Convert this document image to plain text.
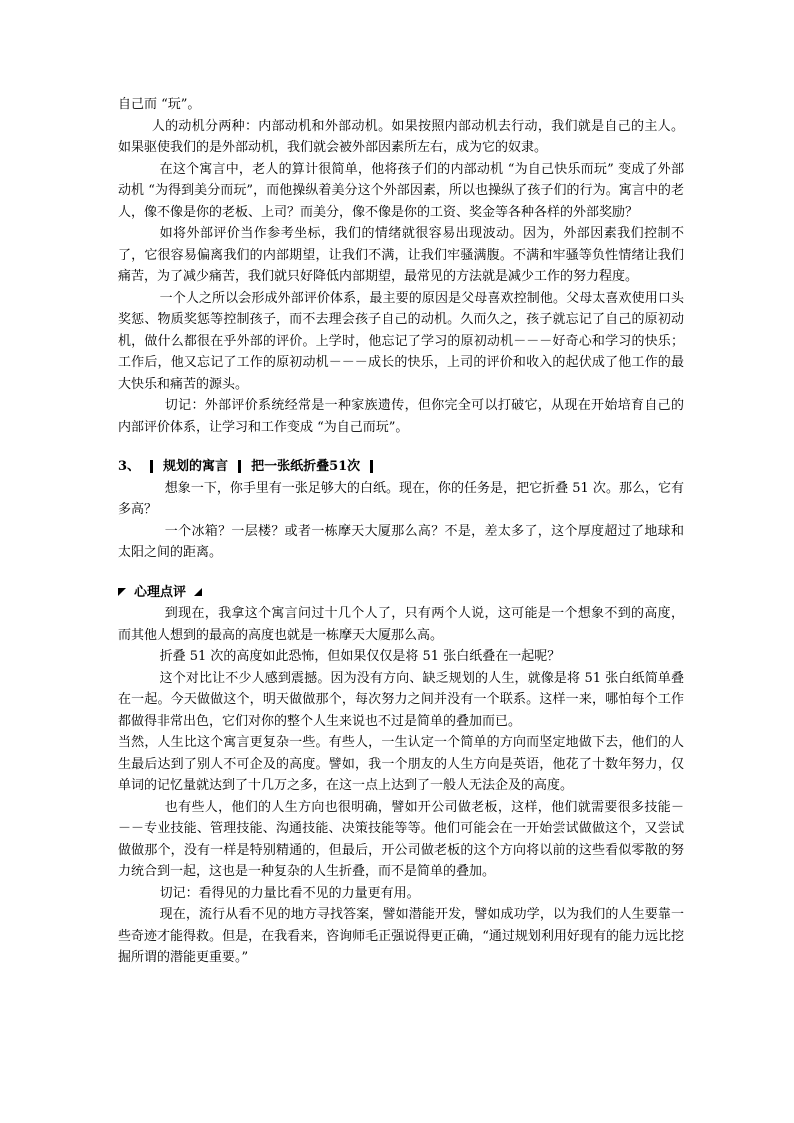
自己而 “玩”。

人的动机分两种：内部动机和外部动机。如果按照内部动机去行动，我们就是自己的主人。如果驱使我们的是外部动机，我们就会被外部因素所左右，成为它的奴隶。

在这个寓言中，老人的算计很简单，他将孩子们的内部动机 “为自己快乐而玩” 变成了外部动机 “为得到美分而玩”，而他操纵着美分这个外部因素，所以也操纵了孩子们的行为。寓言中的老人，像不像是你的老板、上司？而美分，像不像是你的工资、奖金等各种各样的外部奖励？

如将外部评价当作参考坐标，我们的情绪就很容易出现波动。因为，外部因素我们控制不了，它很容易偏离我们的内部期望，让我们不满，让我们牢骚满腹。不满和牢骚等负性情绪让我们痛苦，为了减少痛苦，我们就只好降低内部期望，最常见的方法就是减少工作的努力程度。

一个人之所以会形成外部评价体系，最主要的原因是父母喜欢控制他。父母太喜欢使用口头奖惩、物质奖惩等控制孩子，而不去理会孩子自己的动机。久而久之，孩子就忘记了自己的原初动机，做什么都很在乎外部的评价。上学时，他忘记了学习的原初动机－－－好奇心和学习的快乐；工作后，他又忘记了工作的原初动机－－－成长的快乐，上司的评价和收入的起伏成了他工作的最大快乐和痛苦的源头。

切记：外部评价系统经常是一种家族遗传，但你完全可以打破它，从现在开始培育自己的内部评价体系，让学习和工作变成 “为自己而玩”。

3、 规划的寓言 把一张纸折叠51次

想象一下，你手里有一张足够大的白纸。现在，你的任务是，把它折叠 51 次。那么，它有多高？

一个冰箱？一层楼？或者一栋摩天大厦那么高？不是，差太多了，这个厚度超过了地球和太阳之间的距离。

心理点评

到现在，我拿这个寓言问过十几个人了，只有两个人说，这可能是一个想象不到的高度，而其他人想到的最高的高度也就是一栋摩天大厦那么高。

折叠 51 次的高度如此恐怖，但如果仅仅是将 51 张白纸叠在一起呢？

这个对比让不少人感到震撼。因为没有方向、缺乏规划的人生，就像是将 51 张白纸简单叠在一起。今天做做这个，明天做做那个，每次努力之间并没有一个联系。这样一来，哪怕每个工作都做得非常出色，它们对你的整个人生来说也不过是简单的叠加而已。

当然，人生比这个寓言更复杂一些。有些人，一生认定一个简单的方向而坚定地做下去，他们的人生最后达到了别人不可企及的高度。譬如，我一个朋友的人生方向是英语，他花了十数年努力，仅单词的记忆量就达到了十几万之多，在这一点上达到了一般人无法企及的高度。

也有些人，他们的人生方向也很明确，譬如开公司做老板，这样，他们就需要很多技能－－－专业技能、管理技能、沟通技能、决策技能等等。他们可能会在一开始尝试做做这个，又尝试做做那个，没有一样是特别精通的，但最后，开公司做老板的这个方向将以前的这些看似零散的努力统合到一起，这也是一种复杂的人生折叠，而不是简单的叠加。

切记：看得见的力量比看不见的力量更有用。

现在，流行从看不见的地方寻找答案，譬如潜能开发，譬如成功学，以为我们的人生要靠一些奇迹才能得救。但是，在我看来，咨询师毛正强说得更正确，“通过规划利用好现有的能力远比挖掘所谓的潜能更重要。”
